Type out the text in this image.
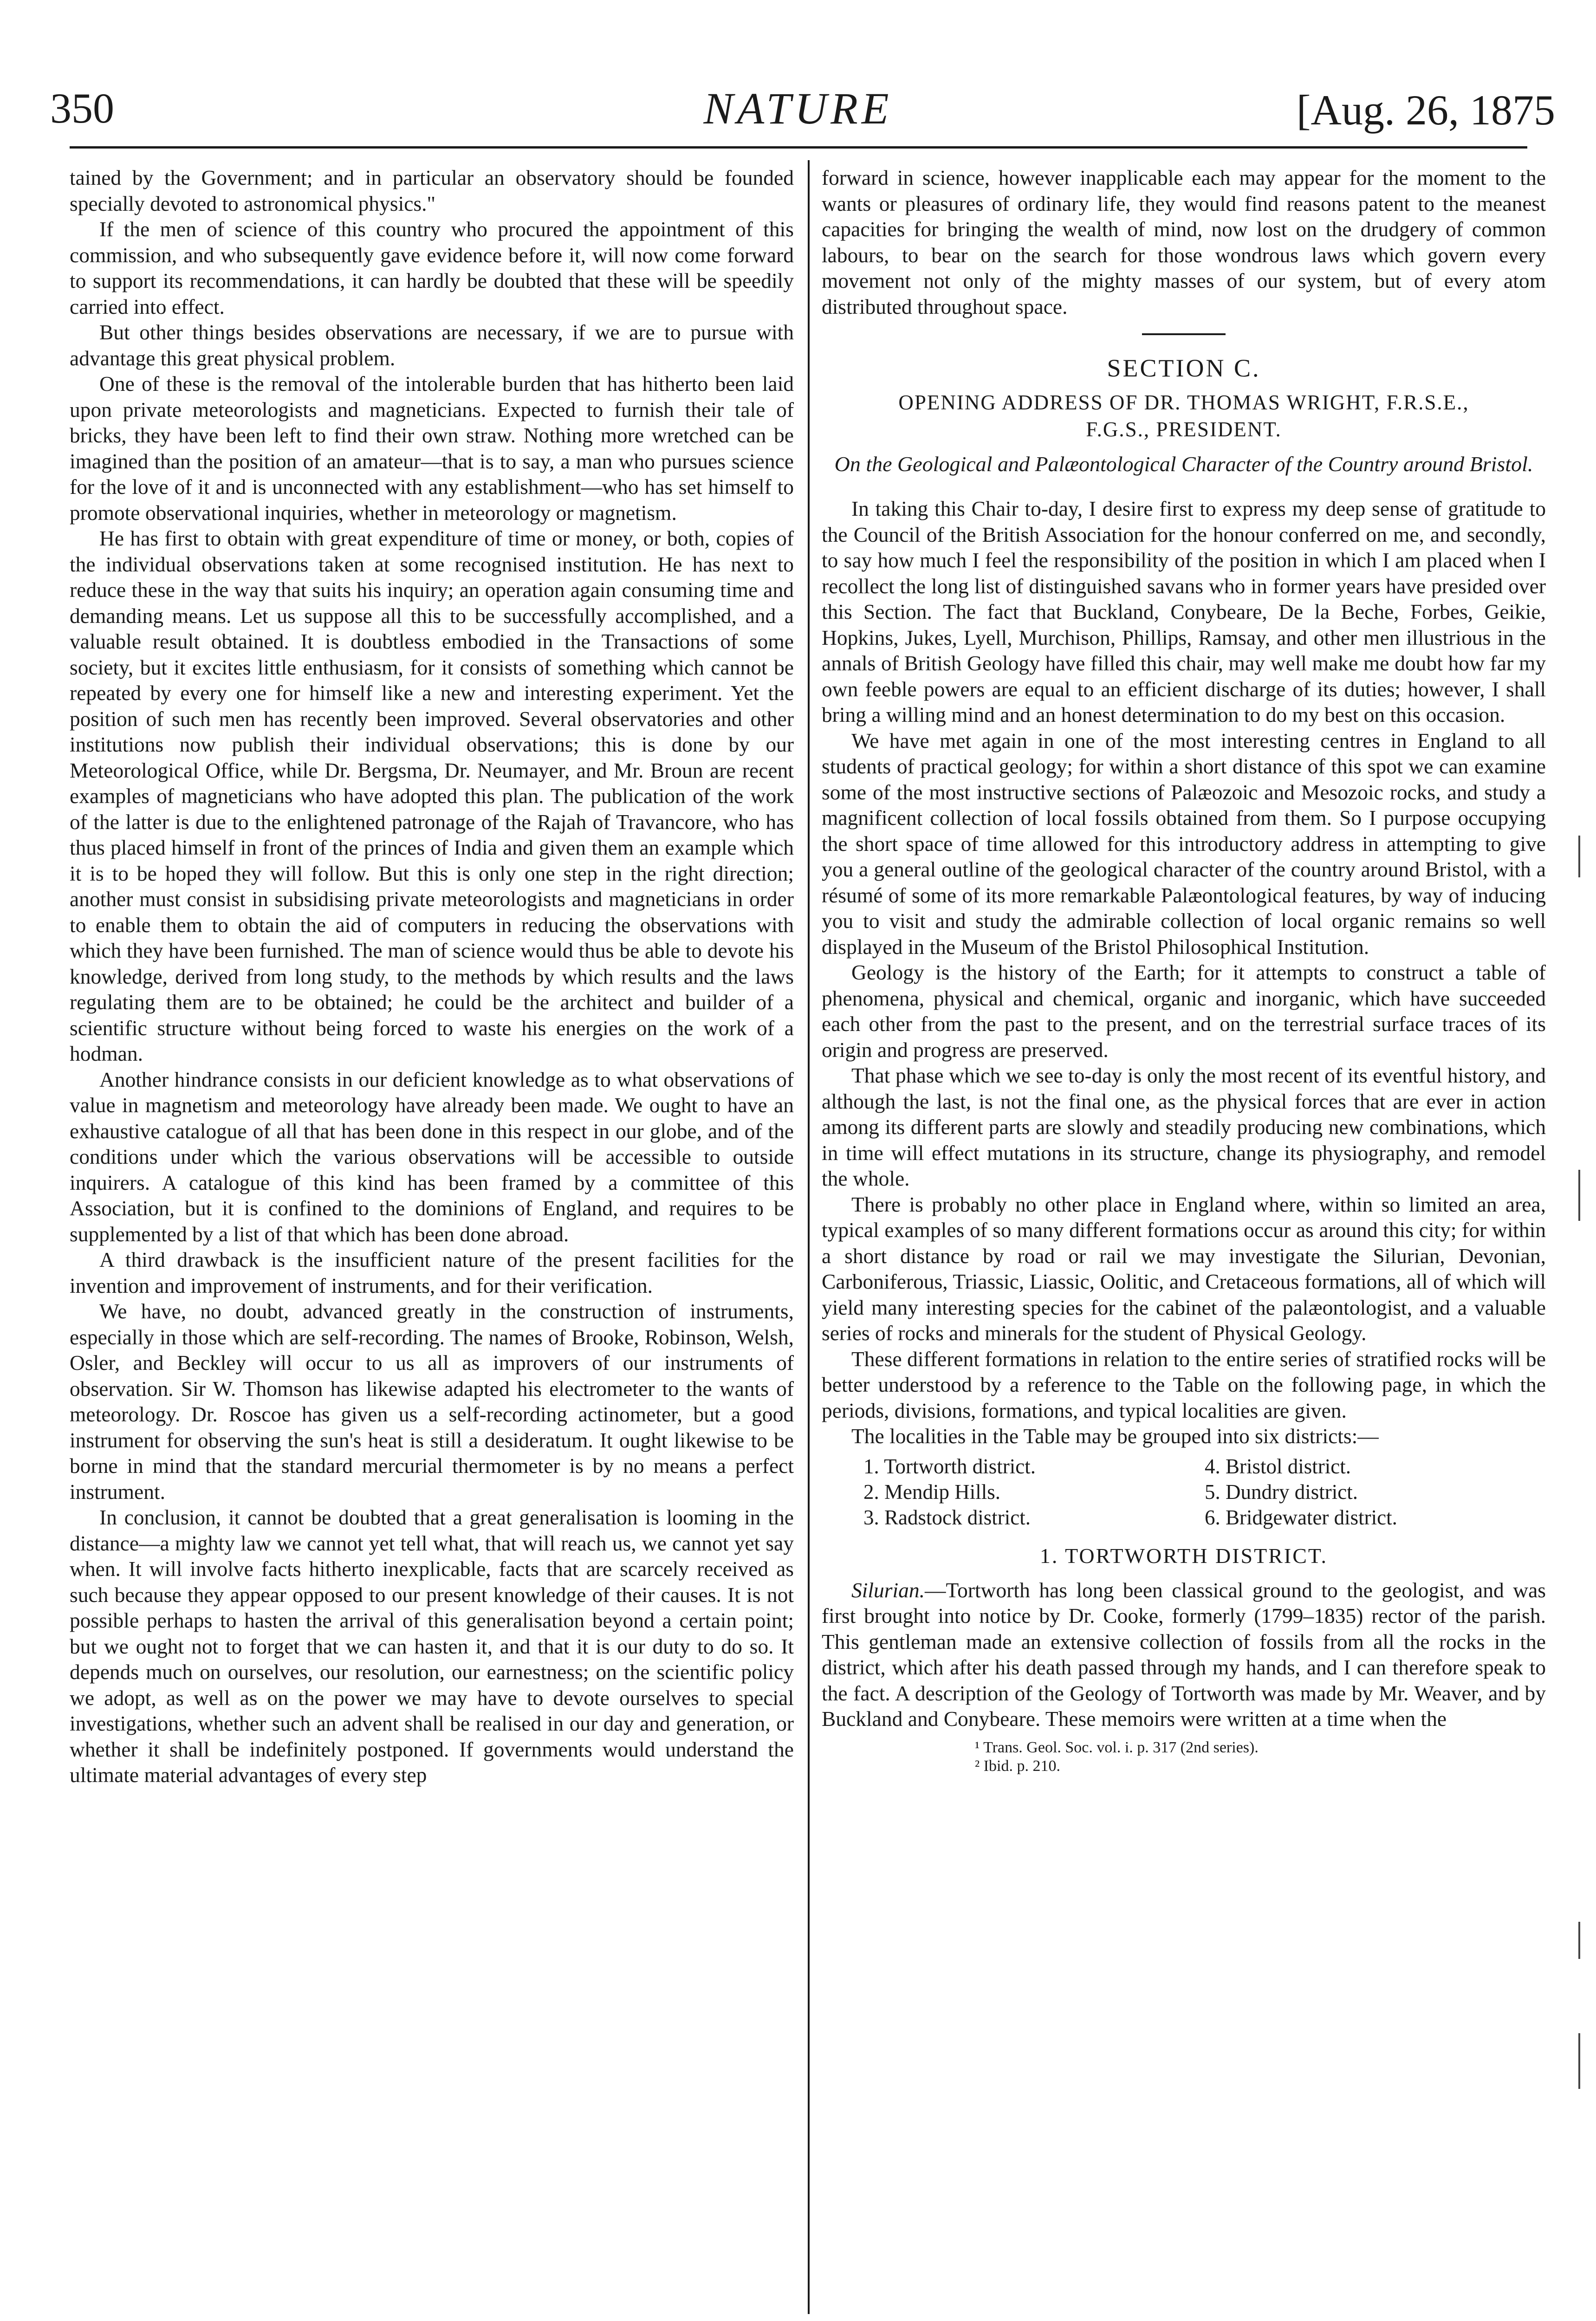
350	NATURE	[Aug. 26, 1875

tained by the Government; and in particular an observatory should be founded specially devoted to astronomical physics."

If the men of science of this country who procured the appointment of this commission, and who subsequently gave evidence before it, will now come forward to support its recommendations, it can hardly be doubted that these will be speedily carried into effect.

But other things besides observations are necessary, if we are to pursue with advantage this great physical problem.

One of these is the removal of the intolerable burden that has hitherto been laid upon private meteorologists and magneticians. Expected to furnish their tale of bricks, they have been left to find their own straw. Nothing more wretched can be imagined than the position of an amateur—that is to say, a man who pursues science for the love of it and is unconnected with any establishment—who has set himself to promote observational inquiries, whether in meteorology or magnetism.

He has first to obtain with great expenditure of time or money, or both, copies of the individual observations taken at some recognised institution. He has next to reduce these in the way that suits his inquiry; an operation again consuming time and demanding means. Let us suppose all this to be successfully accomplished, and a valuable result obtained. It is doubtless embodied in the Transactions of some society, but it excites little enthusiasm, for it consists of something which cannot be repeated by every one for himself like a new and interesting experiment. Yet the position of such men has recently been improved. Several observatories and other institutions now publish their individual observations; this is done by our Meteorological Office, while Dr. Bergsma, Dr. Neumayer, and Mr. Broun are recent examples of magneticians who have adopted this plan. The publication of the work of the latter is due to the enlightened patronage of the Rajah of Travancore, who has thus placed himself in front of the princes of India and given them an example which it is to be hoped they will follow. But this is only one step in the right direction; another must consist in subsidising private meteorologists and magneticians in order to enable them to obtain the aid of computers in reducing the observations with which they have been furnished. The man of science would thus be able to devote his knowledge, derived from long study, to the methods by which results and the laws regulating them are to be obtained; he could be the architect and builder of a scientific structure without being forced to waste his energies on the work of a hodman.

Another hindrance consists in our deficient knowledge as to what observations of value in magnetism and meteorology have already been made. We ought to have an exhaustive catalogue of all that has been done in this respect in our globe, and of the conditions under which the various observations will be accessible to outside inquirers. A catalogue of this kind has been framed by a committee of this Association, but it is confined to the dominions of England, and requires to be supplemented by a list of that which has been done abroad.

A third drawback is the insufficient nature of the present facilities for the invention and improvement of instruments, and for their verification.

We have, no doubt, advanced greatly in the construction of instruments, especially in those which are self-recording. The names of Brooke, Robinson, Welsh, Osler, and Beckley will occur to us all as improvers of our instruments of observation. Sir W. Thomson has likewise adapted his electrometer to the wants of meteorology. Dr. Roscoe has given us a self-recording actinometer, but a good instrument for observing the sun's heat is still a desideratum. It ought likewise to be borne in mind that the standard mercurial thermometer is by no means a perfect instrument.

In conclusion, it cannot be doubted that a great generalisation is looming in the distance—a mighty law we cannot yet tell what, that will reach us, we cannot yet say when. It will involve facts hitherto inexplicable, facts that are scarcely received as such because they appear opposed to our present knowledge of their causes. It is not possible perhaps to hasten the arrival of this generalisation beyond a certain point; but we ought not to forget that we can hasten it, and that it is our duty to do so. It depends much on ourselves, our resolution, our earnestness; on the scientific policy we adopt, as well as on the power we may have to devote ourselves to special investigations, whether such an advent shall be realised in our day and generation, or whether it shall be indefinitely postponed. If governments would understand the ultimate material advantages of every step

forward in science, however inapplicable each may appear for the moment to the wants or pleasures of ordinary life, they would find reasons patent to the meanest capacities for bringing the wealth of mind, now lost on the drudgery of common labours, to bear on the search for those wondrous laws which govern every movement not only of the mighty masses of our system, but of every atom distributed throughout space.

SECTION C.
OPENING ADDRESS OF DR. THOMAS WRIGHT, F.R.S.E.,
F.G.S., PRESIDENT.
On the Geological and Palæontological Character of the Country around Bristol.

In taking this Chair to-day, I desire first to express my deep sense of gratitude to the Council of the British Association for the honour conferred on me, and secondly, to say how much I feel the responsibility of the position in which I am placed when I recollect the long list of distinguished savans who in former years have presided over this Section. The fact that Buckland, Conybeare, De la Beche, Forbes, Geikie, Hopkins, Jukes, Lyell, Murchison, Phillips, Ramsay, and other men illustrious in the annals of British Geology have filled this chair, may well make me doubt how far my own feeble powers are equal to an efficient discharge of its duties; however, I shall bring a willing mind and an honest determination to do my best on this occasion.

We have met again in one of the most interesting centres in England to all students of practical geology; for within a short distance of this spot we can examine some of the most instructive sections of Palæozoic and Mesozoic rocks, and study a magnificent collection of local fossils obtained from them. So I purpose occupying the short space of time allowed for this introductory address in attempting to give you a general outline of the geological character of the country around Bristol, with a résumé of some of its more remarkable Palæontological features, by way of inducing you to visit and study the admirable collection of local organic remains so well displayed in the Museum of the Bristol Philosophical Institution.

Geology is the history of the Earth; for it attempts to construct a table of phenomena, physical and chemical, organic and inorganic, which have succeeded each other from the past to the present, and on the terrestrial surface traces of its origin and progress are preserved.

That phase which we see to-day is only the most recent of its eventful history, and although the last, is not the final one, as the physical forces that are ever in action among its different parts are slowly and steadily producing new combinations, which in time will effect mutations in its structure, change its physiography, and remodel the whole.

There is probably no other place in England where, within so limited an area, typical examples of so many different formations occur as around this city; for within a short distance by road or rail we may investigate the Silurian, Devonian, Carboniferous, Triassic, Liassic, Oolitic, and Cretaceous formations, all of which will yield many interesting species for the cabinet of the palæontologist, and a valuable series of rocks and minerals for the student of Physical Geology.

These different formations in relation to the entire series of stratified rocks will be better understood by a reference to the Table on the following page, in which the periods, divisions, formations, and typical localities are given.

The localities in the Table may be grouped into six districts:—

1. Tortworth district.	4. Bristol district.
2. Mendip Hills.	5. Dundry district.
3. Radstock district.	6. Bridgewater district.
1. TORTWORTH DISTRICT.

Silurian.—Tortworth has long been classical ground to the geologist, and was first brought into notice by Dr. Cooke, formerly (1799–1835) rector of the parish. This gentleman made an extensive collection of fossils from all the rocks in the district, which after his death passed through my hands, and I can therefore speak to the fact. A description of the Geology of Tortworth was made by Mr. Weaver, and by Buckland and Conybeare. These memoirs were written at a time when the

¹ Trans. Geol. Soc. vol. i. p. 317 (2nd series).
² Ibid. p. 210.
